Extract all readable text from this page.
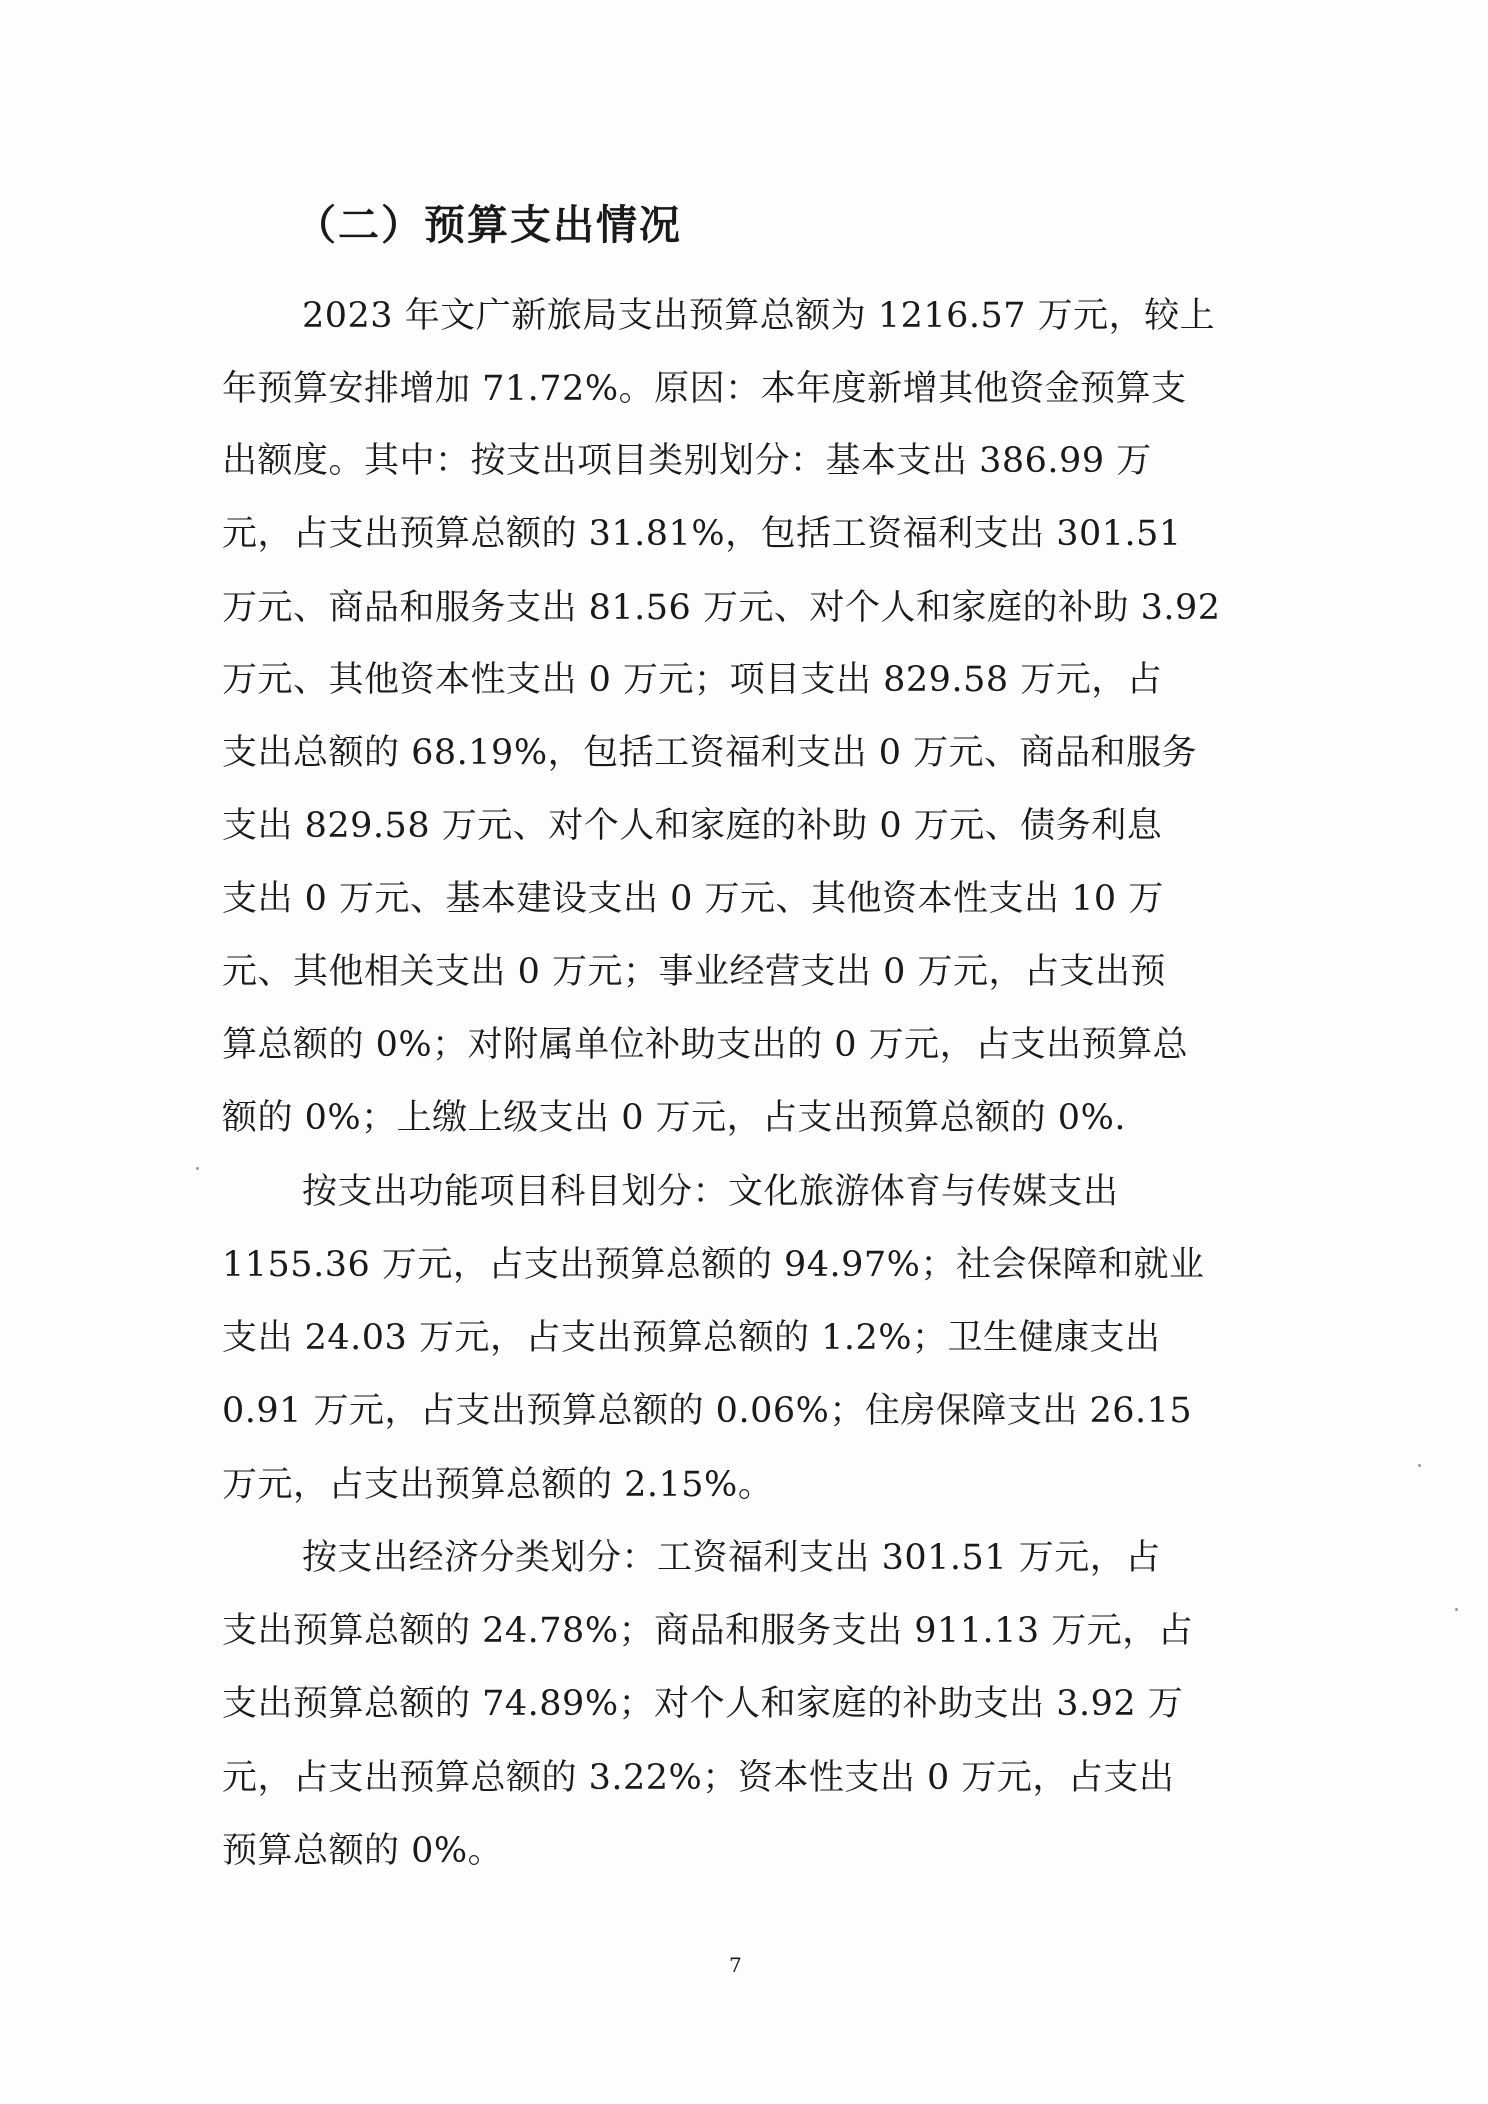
（二）预算支出情况
2023 年文广新旅局支出预算总额为 1216.57 万元，较上
年预算安排增加 71.72%。原因：本年度新增其他资金预算支
出额度。其中：按支出项目类别划分：基本支出 386.99 万
元，占支出预算总额的 31.81%，包括工资福利支出 301.51
万元、商品和服务支出 81.56 万元、对个人和家庭的补助 3.92
万元、其他资本性支出 0 万元；项目支出 829.58 万元，占
支出总额的 68.19%，包括工资福利支出 0 万元、商品和服务
支出 829.58 万元、对个人和家庭的补助 0 万元、债务利息
支出 0 万元、基本建设支出 0 万元、其他资本性支出 10 万
元、其他相关支出 0 万元；事业经营支出 0 万元，占支出预
算总额的 0%；对附属单位补助支出的 0 万元，占支出预算总
额的 0%；上缴上级支出 0 万元，占支出预算总额的 0%.
按支出功能项目科目划分：文化旅游体育与传媒支出
1155.36 万元，占支出预算总额的 94.97%；社会保障和就业
支出 24.03 万元，占支出预算总额的 1.2%；卫生健康支出
0.91 万元，占支出预算总额的 0.06%；住房保障支出 26.15
万元，占支出预算总额的 2.15%。
按支出经济分类划分：工资福利支出 301.51 万元，占
支出预算总额的 24.78%；商品和服务支出 911.13 万元，占
支出预算总额的 74.89%；对个人和家庭的补助支出 3.92 万
元，占支出预算总额的 3.22%；资本性支出 0 万元，占支出
预算总额的 0%。
7
